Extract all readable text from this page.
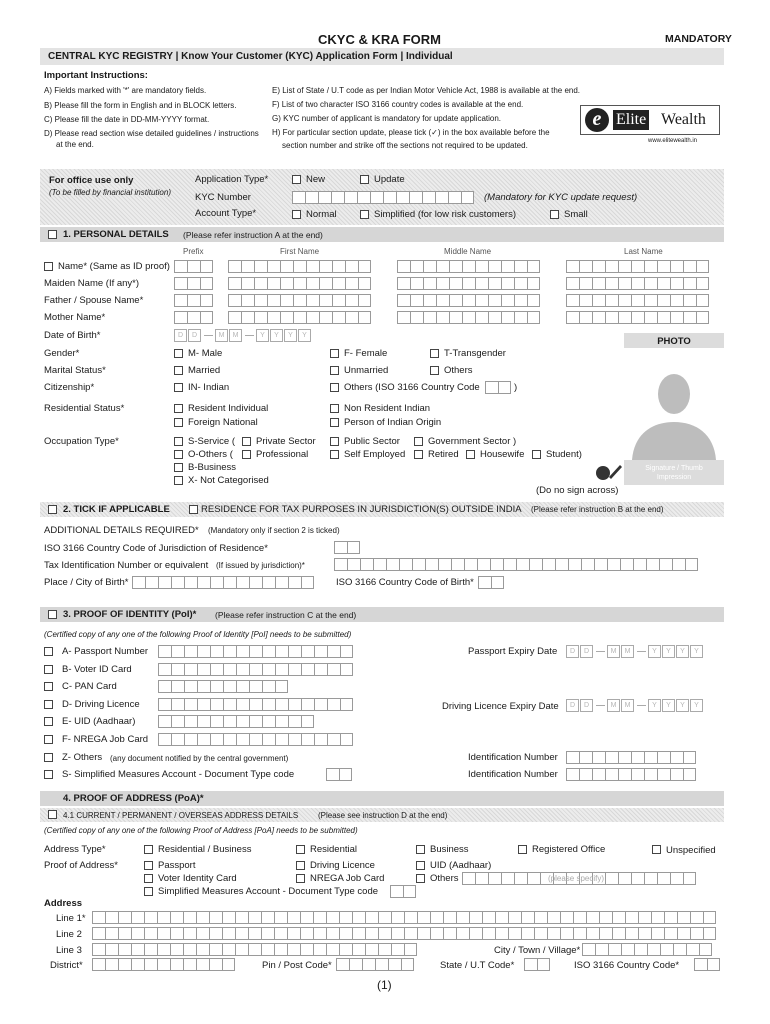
CKYC & KRA FORM	MANDATORY
CENTRAL KYC REGISTRY | Know Your Customer (KYC) Application Form | Individual
Important Instructions:
A) Fields marked with '*' are mandatory fields.
B) Please fill the form in English and in BLOCK letters.
C) Please fill the date in DD-MM-YYYY format.
D) Please read section wise detailed guidelines / instructions
at the end.
E) List of State / U.T code as per Indian Motor Vehicle Act, 1988 is available at the end.
F) List of two character ISO 3166 country codes is available at the end.
G) KYC number of applicant is mandatory for update application.
H) For particular section update, please tick (✓) in the box available before the
section number and strike off the sections not required to be updated.
e Elite Wealth
www.elitewealth.in
For office use only
(To be filled by financial institution)
Application Type*	New	Update
KYC Number	(Mandatory for KYC update request)
Account Type*	Normal	Simplified (for low risk customers)	Small
1. PERSONAL DETAILS (Please refer instruction A at the end)
Prefix	First Name	Middle Name	Last Name
Name* (Same as ID proof)
Maiden Name (If any*)
Father / Spouse Name*
Mother Name*
Date of Birth*	D	D	M	M	Y	Y	Y	Y
PHOTO
Signature / Thumb Impression
Gender*	M- Male	F- Female	T-Transgender
Marital Status*	Married	Unmarried	Others
Citizenship*	IN- Indian	Others (ISO 3166 Country Code	)
Residential Status*	Resident Individual
Foreign National
Non Resident Indian
Person of Indian Origin
Occupation Type*	S-Service ( Private Sector	Public Sector	Government Sector )
O-Others ( Professional	Self Employed Retired Housewife Student)
B-Business
X- Not Categorised
(Do no sign across)
2. TICK IF APPLICABLE	RESIDENCE FOR TAX PURPOSES IN JURISDICTION(S) OUTSIDE INDIA (Please refer instruction B at the end)
ADDITIONAL DETAILS REQUIRED* (Mandatory only if section 2 is ticked)
ISO 3166 Country Code of Jurisdiction of Residence*
Tax Identification Number or equivalent (If issued by jurisdiction)*
Place / City of Birth*	ISO 3166 Country Code of Birth*
3. PROOF OF IDENTITY (PoI)* (Please refer instruction C at the end)
(Certified copy of any one of the following Proof of Identity [PoI] needs to be submitted)
A- Passport Number	Passport Expiry Date	D	D	M	M	Y	Y	Y	Y
B- Voter ID Card
C- PAN Card
D- Driving Licence	Driving Licence Expiry Date	D	D	M	M	Y	Y	Y	Y
E- UID (Aadhaar)
F- NREGA Job Card
Z- Others (any document notified by the central government)	Identification Number
S- Simplified Measures Account - Document Type code	Identification Number
4. PROOF OF ADDRESS (PoA)*
4.1 CURRENT / PERMANENT / OVERSEAS ADDRESS DETAILS (Please see instruction D at the end)
(Certified copy of any one of the following Proof of Address [PoA] needs to be submitted)
Address Type*	Residential / Business	Residential	Business	Registered Office	Unspecified
Proof of Address*	Passport	Driving Licence	UID (Aadhaar)
Voter Identity Card	NREGA Job Card	Others	(please specify)
Simplified Measures Account - Document Type code
Address
Line 1*
Line 2
Line 3	City / Town / Village*
District*	Pin / Post Code*	State / U.T Code*	ISO 3166 Country Code*
(1)
